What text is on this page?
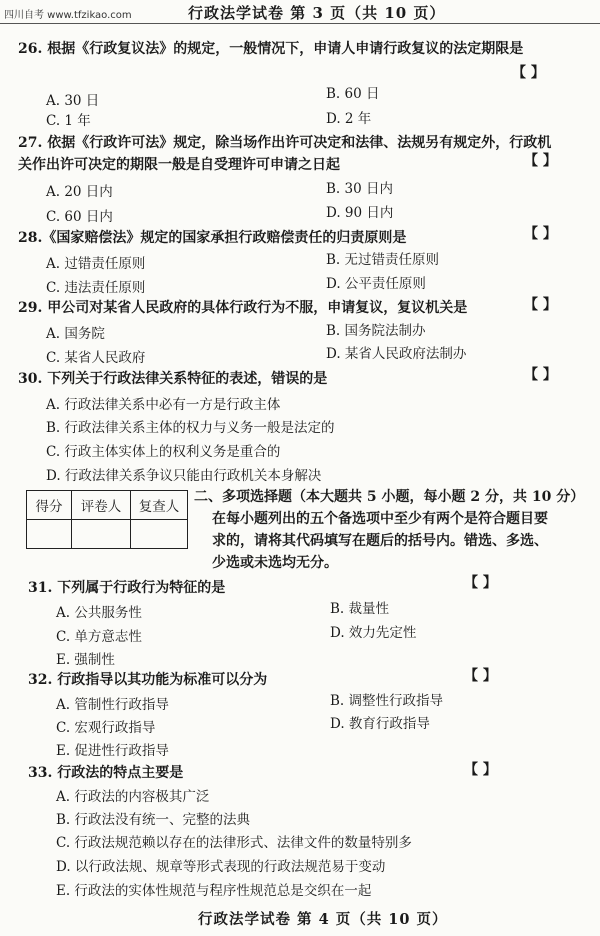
四川自考 www.tfzikao.com	行政法学试卷 第 3 页（共 10 页）
26. 根据《行政复议法》的规定，一般情况下，申请人申请行政复议的法定期限是
【 】
A. 30 日	B. 60 日
C. 1 年	D. 2 年
27. 依据《行政许可法》规定，除当场作出许可决定和法律、法规另有规定外，行政机
关作出许可决定的期限一般是自受理许可申请之日起	【 】
A. 20 日内	B. 30 日内
C. 60 日内	D. 90 日内
28.《国家赔偿法》规定的国家承担行政赔偿责任的归责原则是	【 】
A. 过错责任原则	B. 无过错责任原则
C. 违法责任原则	D. 公平责任原则
29. 甲公司对某省人民政府的具体行政行为不服，申请复议，复议机关是	【 】
A. 国务院	B. 国务院法制办
C. 某省人民政府	D. 某省人民政府法制办
30. 下列关于行政法律关系特征的表述，错误的是	【 】
A. 行政法律关系中必有一方是行政主体
B. 行政法律关系主体的权力与义务一般是法定的
C. 行政主体实体上的权利义务是重合的
D. 行政法律关系争议只能由行政机关本身解决
得分	评卷人	复查人

二、多项选择题（本大题共 5 小题，每小题 2 分，共 10 分）
在每小题列出的五个备选项中至少有两个是符合题目要
求的，请将其代码填写在题后的括号内。错选、多选、
少选或未选均无分。
31. 下列属于行政行为特征的是	【 】
A. 公共服务性	B. 裁量性
C. 单方意志性	D. 效力先定性
E. 强制性
32. 行政指导以其功能为标准可以分为	【 】
A. 管制性行政指导	B. 调整性行政指导
C. 宏观行政指导	D. 教育行政指导
E. 促进性行政指导
33. 行政法的特点主要是	【 】
A. 行政法的内容极其广泛
B. 行政法没有统一、完整的法典
C. 行政法规范赖以存在的法律形式、法律文件的数量特别多
D. 以行政法规、规章等形式表现的行政法规范易于变动
E. 行政法的实体性规范与程序性规范总是交织在一起
行政法学试卷 第 4 页（共 10 页）
